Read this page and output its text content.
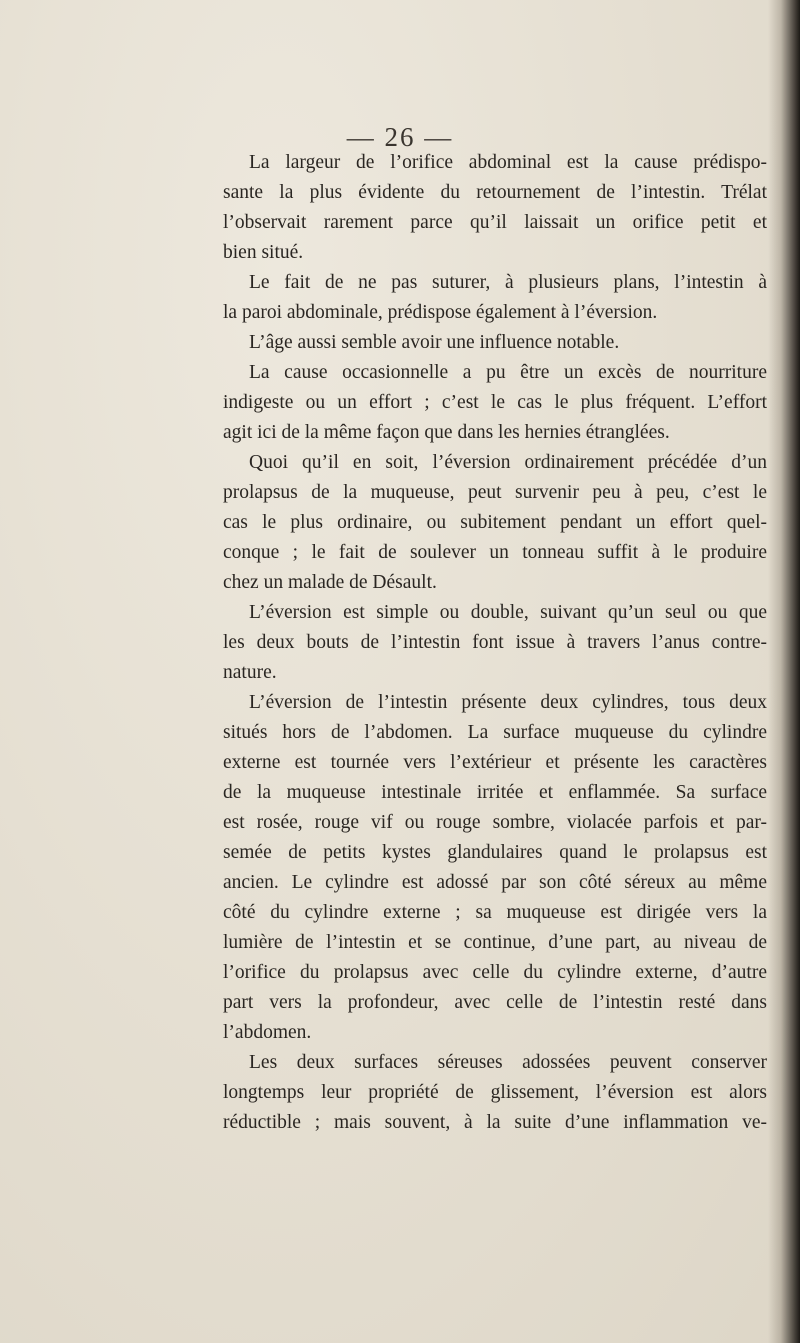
— 26 —
La largeur de l’orifice abdominal est la cause prédispo-
sante la plus évidente du retournement de l’intestin. Trélat
l’observait rarement parce qu’il laissait un orifice petit et
bien situé.
Le fait de ne pas suturer, à plusieurs plans, l’intestin à
la paroi abdominale, prédispose également à l’éversion.
L’âge aussi semble avoir une influence notable.
La cause occasionnelle a pu être un excès de nourriture
indigeste ou un effort ; c’est le cas le plus fréquent. L’effort
agit ici de la même façon que dans les hernies étranglées.
Quoi qu’il en soit, l’éversion ordinairement précédée d’un
prolapsus de la muqueuse, peut survenir peu à peu, c’est le
cas le plus ordinaire, ou subitement pendant un effort quel-
conque ; le fait de soulever un tonneau suffit à le produire
chez un malade de Désault.
L’éversion est simple ou double, suivant qu’un seul ou que
les deux bouts de l’intestin font issue à travers l’anus contre-
nature.
L’éversion de l’intestin présente deux cylindres, tous deux
situés hors de l’abdomen. La surface muqueuse du cylindre
externe est tournée vers l’extérieur et présente les caractères
de la muqueuse intestinale irritée et enflammée. Sa surface
est rosée, rouge vif ou rouge sombre, violacée parfois et par-
semée de petits kystes glandulaires quand le prolapsus est
ancien. Le cylindre est adossé par son côté séreux au même
côté du cylindre externe ; sa muqueuse est dirigée vers la
lumière de l’intestin et se continue, d’une part, au niveau de
l’orifice du prolapsus avec celle du cylindre externe, d’autre
part vers la profondeur, avec celle de l’intestin resté dans
l’abdomen.
Les deux surfaces séreuses adossées peuvent conserver
longtemps leur propriété de glissement, l’éversion est alors
réductible ; mais souvent, à la suite d’une inflammation ve-
